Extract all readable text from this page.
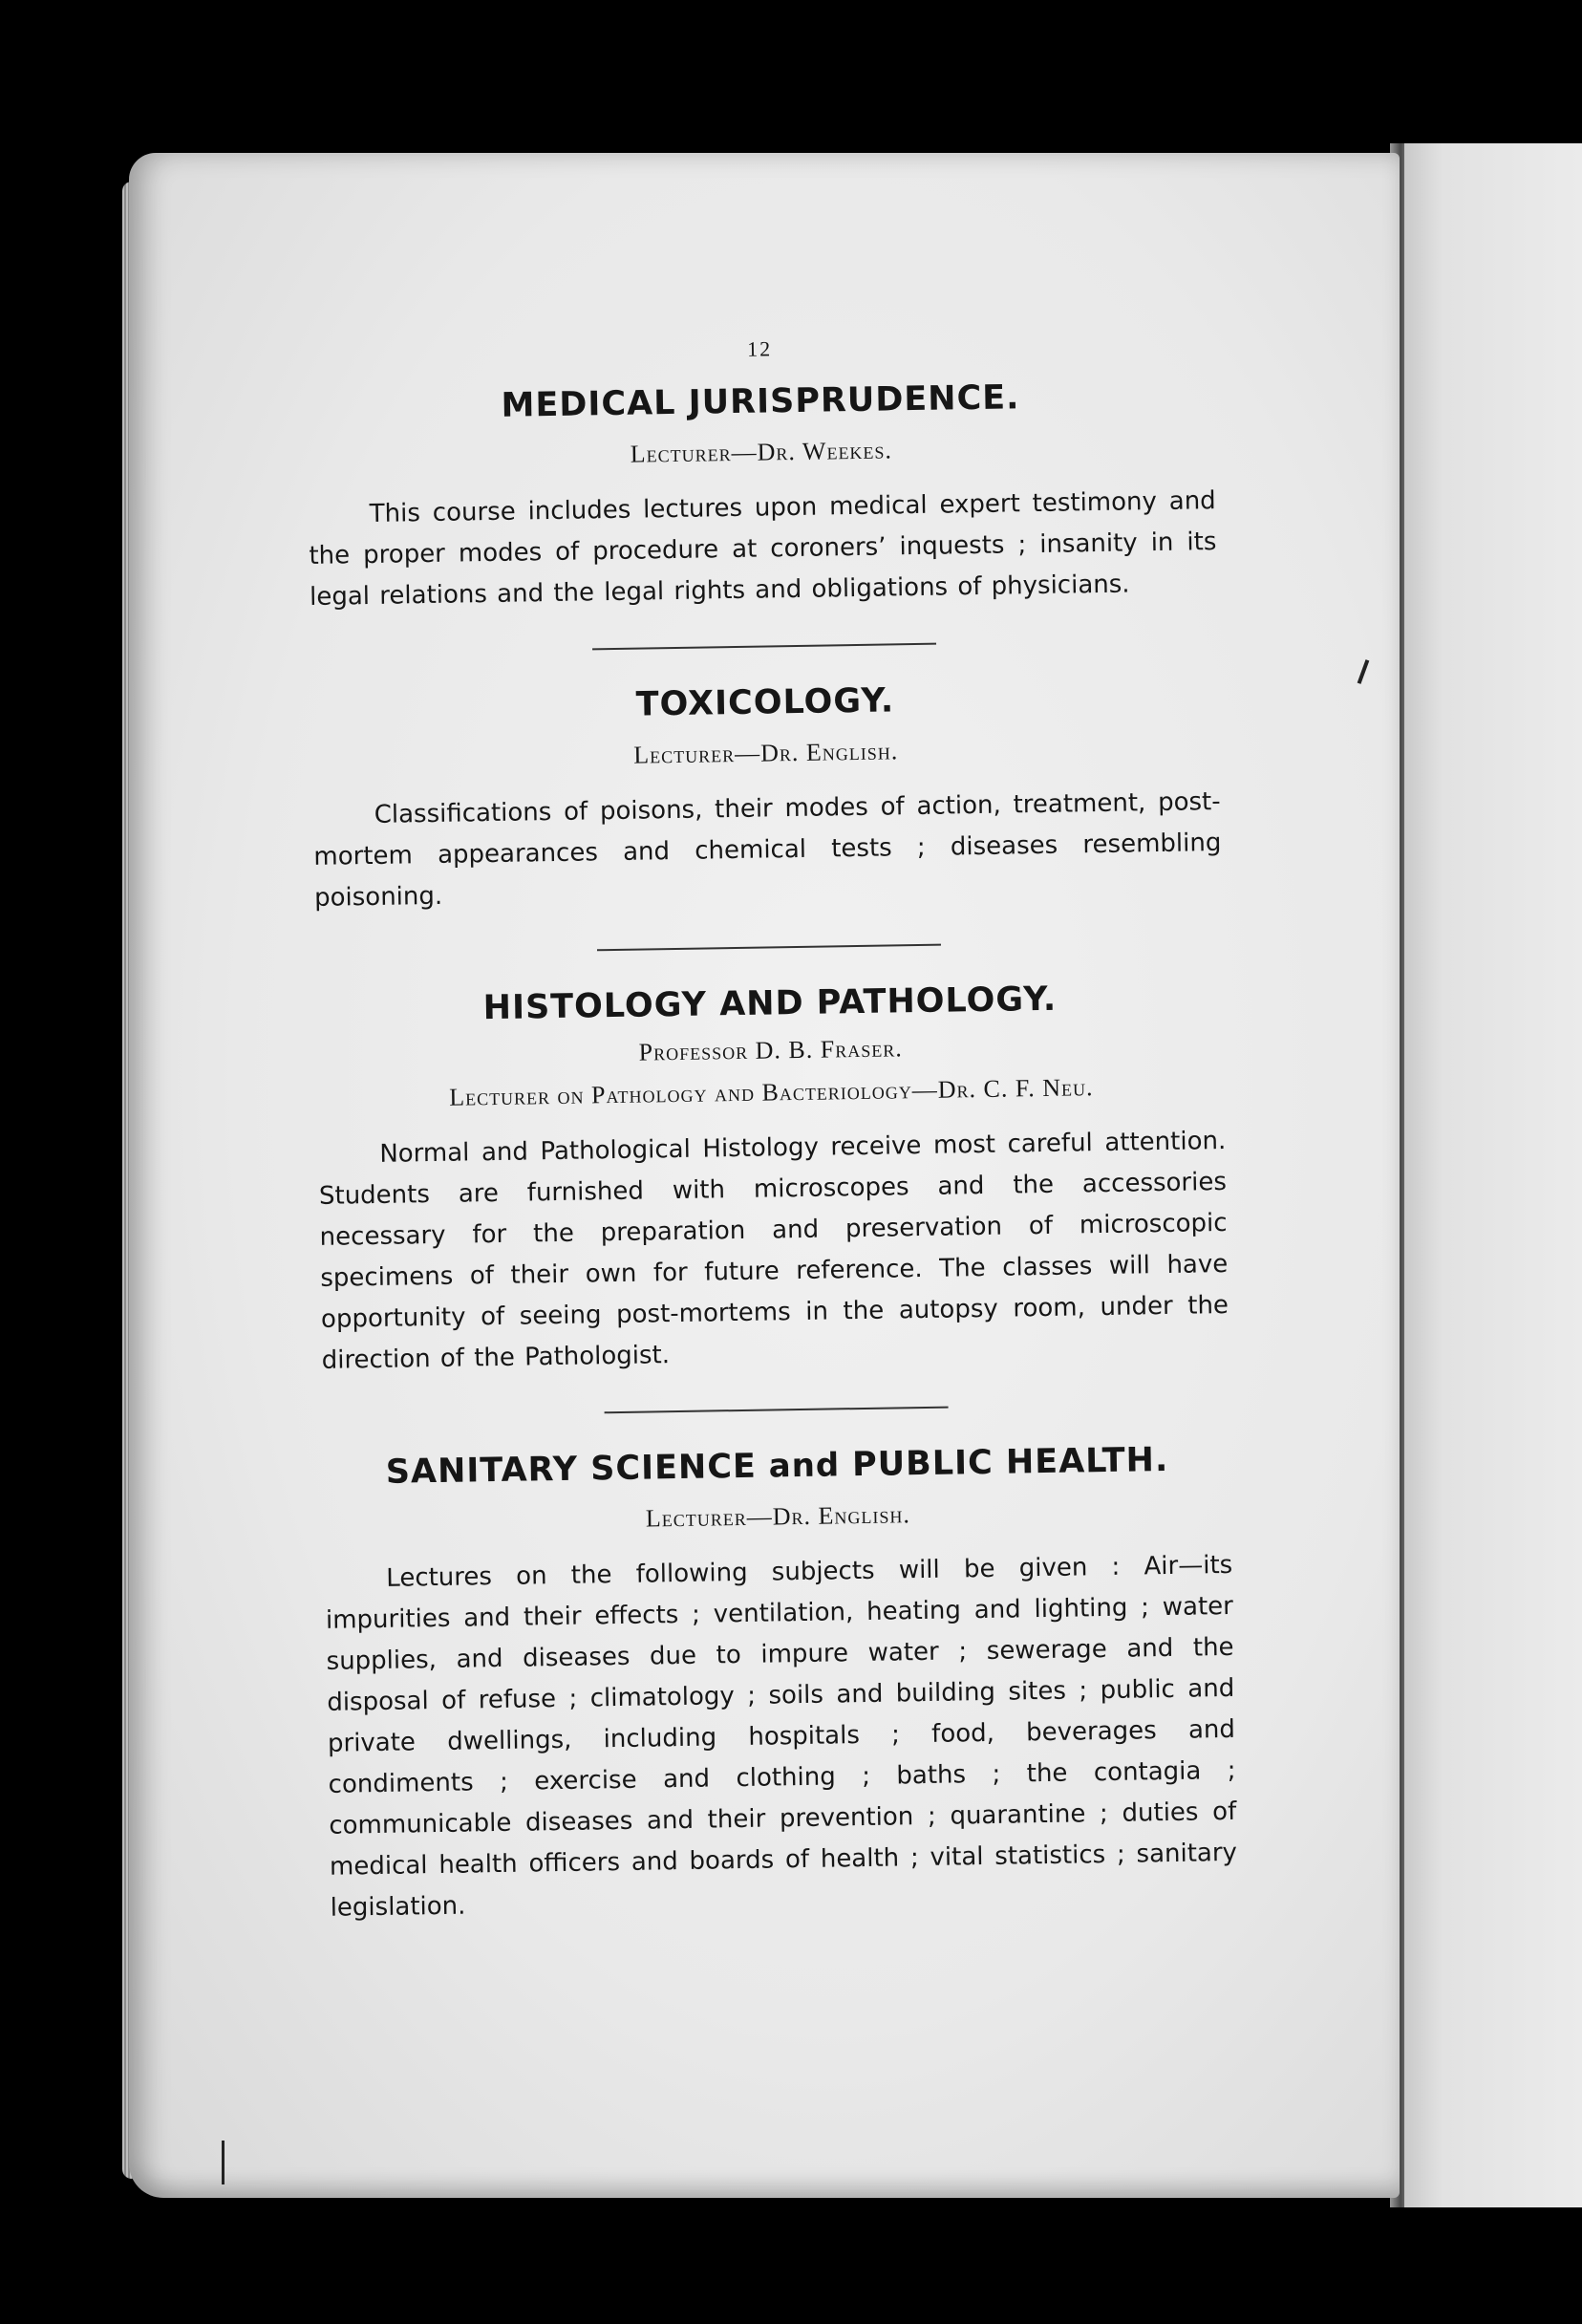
12
MEDICAL JURISPRUDENCE.
Lecturer—Dr. Weekes.

This course includes lectures upon medical expert testimony and the proper modes of procedure at coroners’ inquests ; insanity in its legal relations and the legal rights and obligations of physicians.

TOXICOLOGY.
Lecturer—Dr. English.

Classifications of poisons, their modes of action, treatment, post-mortem appearances and chemical tests ; diseases resembling poisoning.

HISTOLOGY AND PATHOLOGY.
Professor D. B. Fraser.
Lecturer on Pathology and Bacteriology—Dr. C. F. Neu.

Normal and Pathological Histology receive most careful attention. Students are furnished with microscopes and the accessories necessary for the preparation and preservation of microscopic specimens of their own for future reference. The classes will have opportunity of seeing post-mortems in the autopsy room, under the direction of the Pathologist.

SANITARY SCIENCE and PUBLIC HEALTH.
Lecturer—Dr. English.

Lectures on the following subjects will be given : Air—its impurities and their effects ; ventilation, heating and lighting ; water supplies, and diseases due to impure water ; sewerage and the disposal of refuse ; climatology ; soils and building sites ; public and private dwellings, including hospitals ; food, beverages and condiments ; exercise and clothing ; baths ; the contagia ; communicable diseases and their prevention ; quarantine ; duties of medical health officers and boards of health ; vital statistics ; sanitary legislation.
